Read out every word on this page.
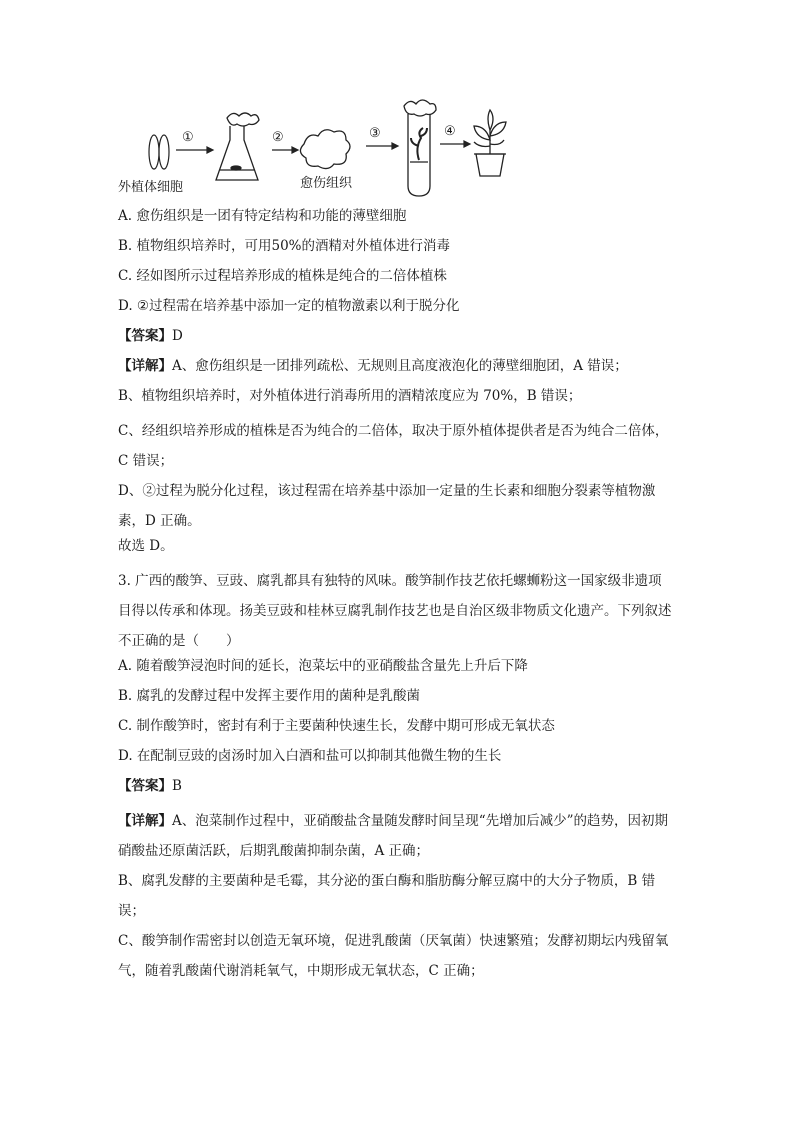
①	②	③	④
外植体细胞	愈伤组织
A. 愈伤组织是一团有特定结构和功能的薄壁细胞
B. 植物组织培养时，可用50%的酒精对外植体进行消毒
C. 经如图所示过程培养形成的植株是纯合的二倍体植株
D. ②过程需在培养基中添加一定的植物激素以利于脱分化
【答案】D
【详解】A、愈伤组织是一团排列疏松、无规则且高度液泡化的薄壁细胞团，A 错误；
B、植物组织培养时，对外植体进行消毒所用的酒精浓度应为 70%，B 错误；
C、经组织培养形成的植株是否为纯合的二倍体，取决于原外植体提供者是否为纯合二倍体，C 错误；
D、②过程为脱分化过程，该过程需在培养基中添加一定量的生长素和细胞分裂素等植物激素，D 正确。
故选 D。
3. 广西的酸笋、豆豉、腐乳都具有独特的风味。酸笋制作技艺依托螺蛳粉这一国家级非遗项目得以传承和体现。扬美豆豉和桂林豆腐乳制作技艺也是自治区级非物质文化遗产。下列叙述不正确的是（　　）
A. 随着酸笋浸泡时间的延长，泡菜坛中的亚硝酸盐含量先上升后下降
B. 腐乳的发酵过程中发挥主要作用的菌种是乳酸菌
C. 制作酸笋时，密封有利于主要菌种快速生长，发酵中期可形成无氧状态
D. 在配制豆豉的卤汤时加入白酒和盐可以抑制其他微生物的生长
【答案】B
【详解】A、泡菜制作过程中，亚硝酸盐含量随发酵时间呈现“先增加后减少”的趋势，因初期硝酸盐还原菌活跃，后期乳酸菌抑制杂菌，A 正确；
B、腐乳发酵的主要菌种是毛霉，其分泌的蛋白酶和脂肪酶分解豆腐中的大分子物质，B 错误；
C、酸笋制作需密封以创造无氧环境，促进乳酸菌（厌氧菌）快速繁殖；发酵初期坛内残留氧气，随着乳酸菌代谢消耗氧气，中期形成无氧状态，C 正确；
